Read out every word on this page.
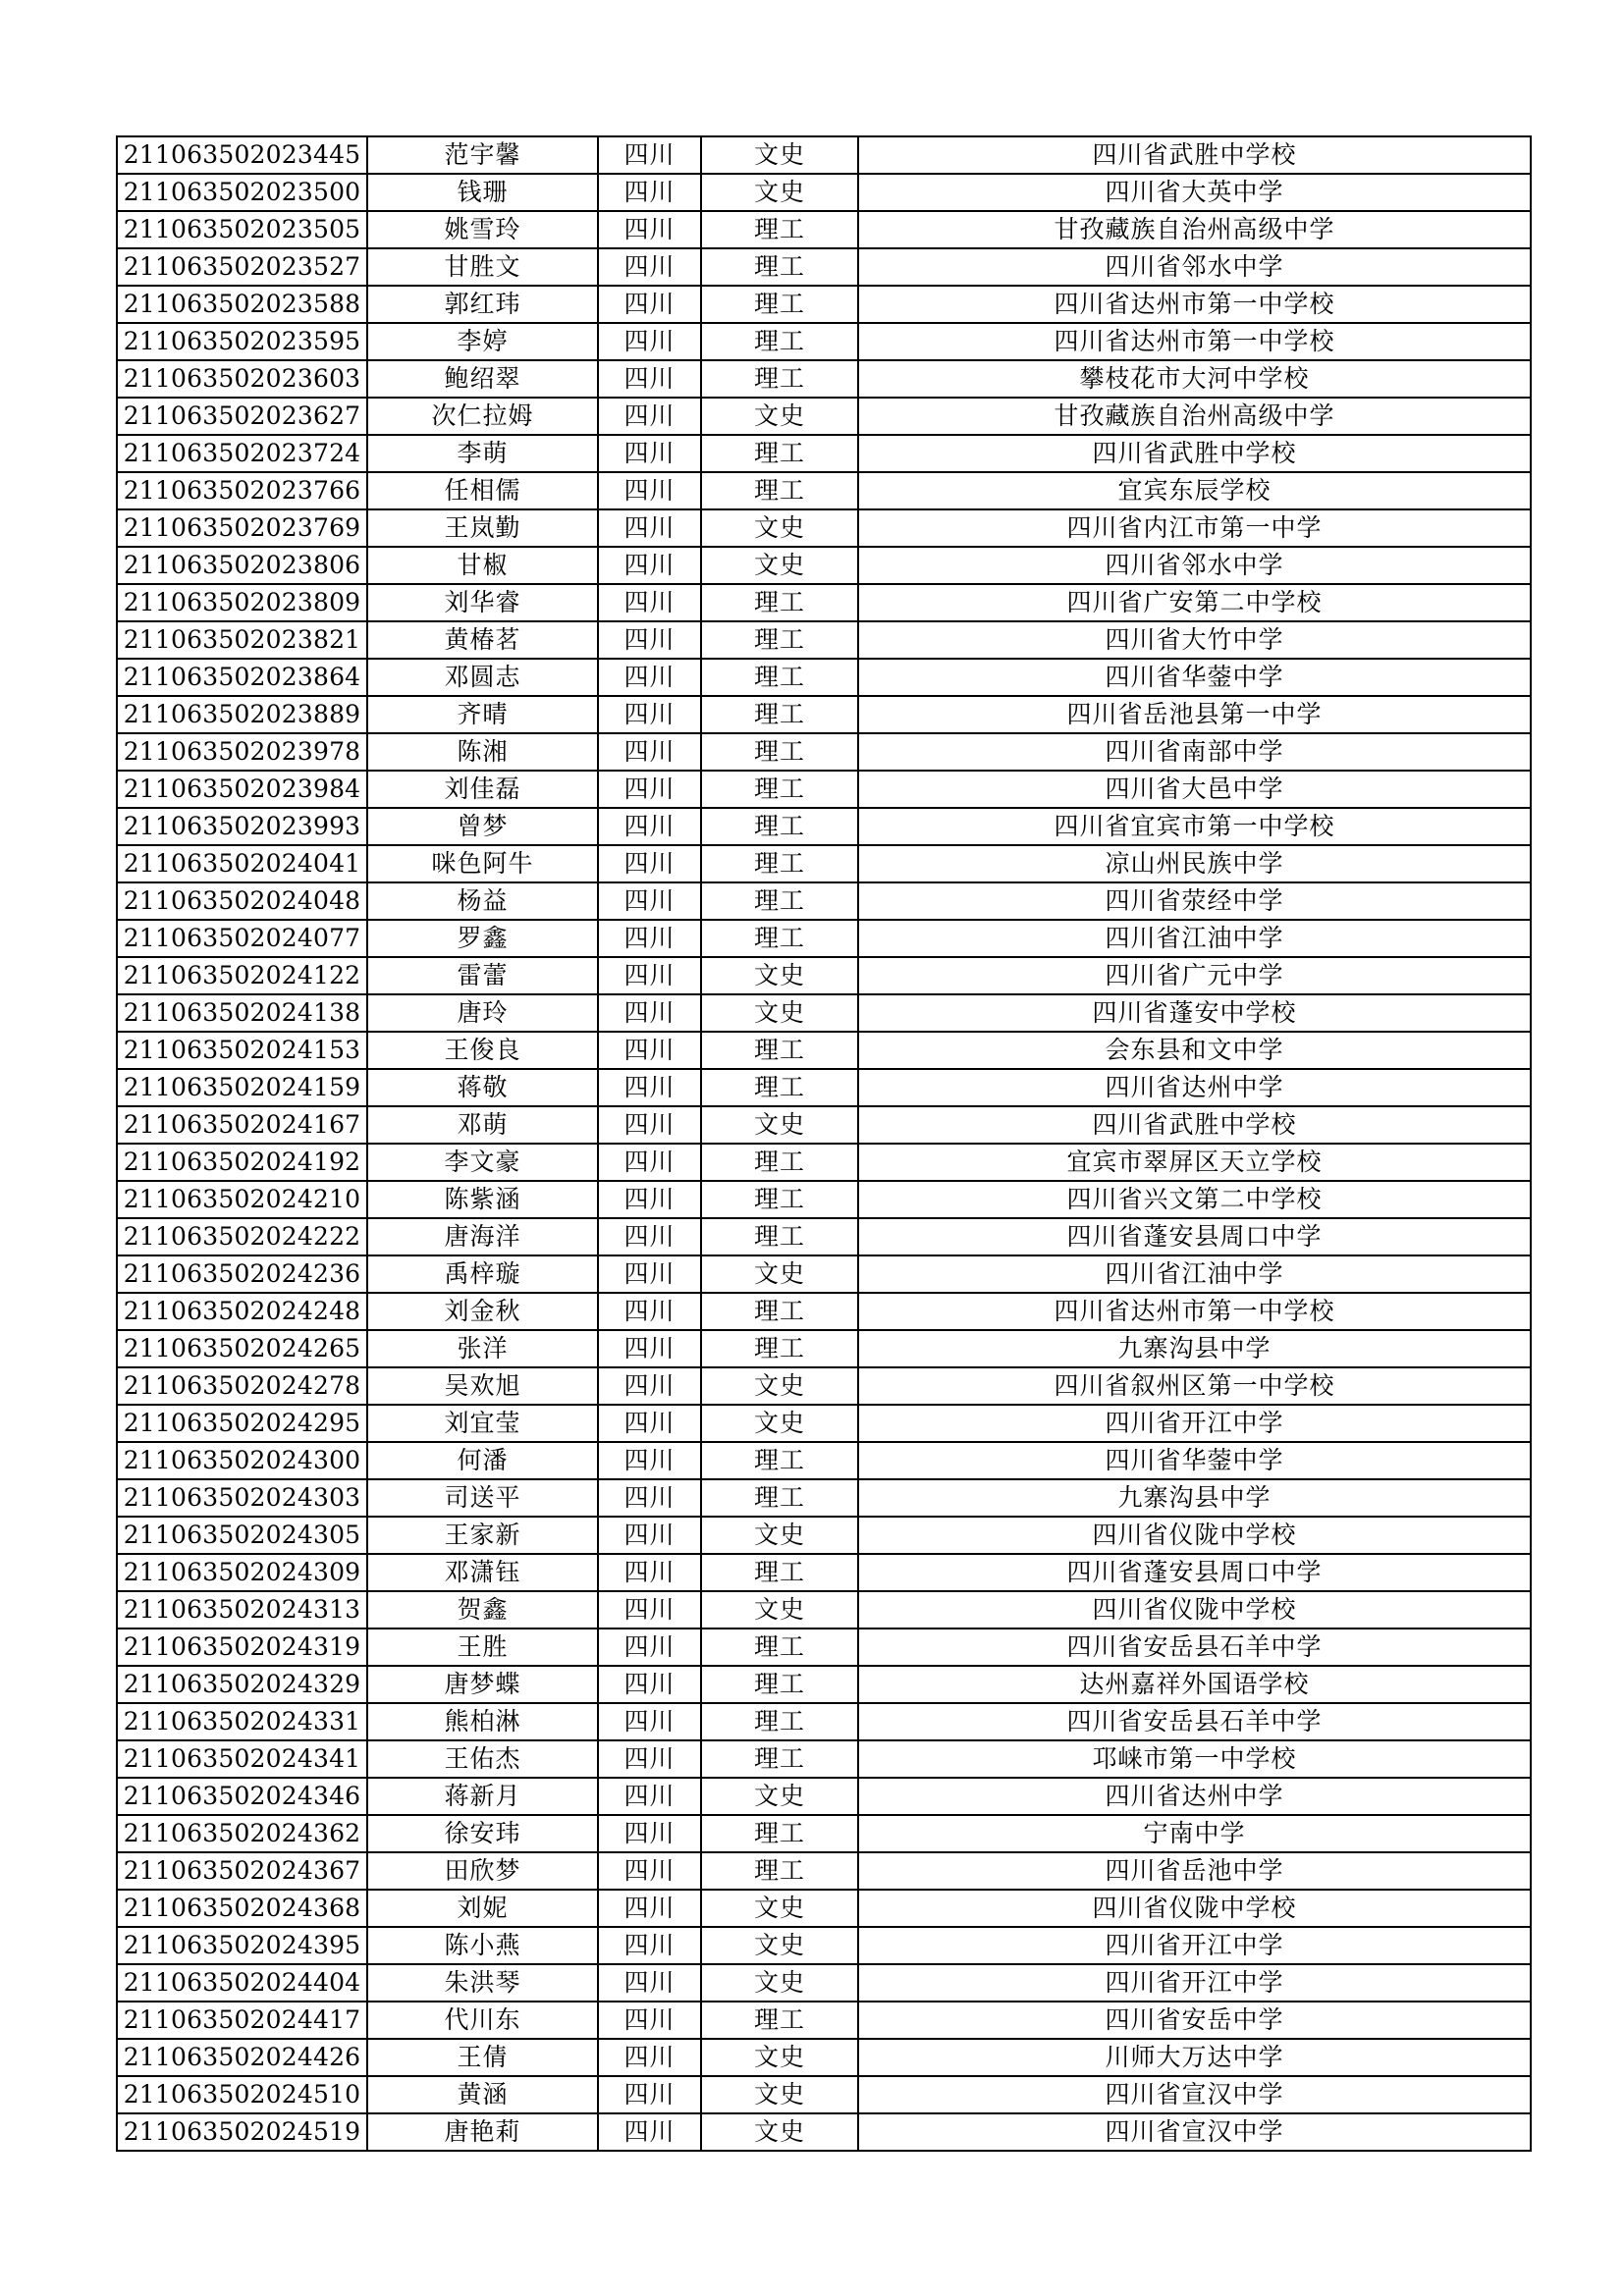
211063502023445	范宇馨	四川	文史	四川省武胜中学校
211063502023500	钱珊	四川	文史	四川省大英中学
211063502023505	姚雪玲	四川	理工	甘孜藏族自治州高级中学
211063502023527	甘胜文	四川	理工	四川省邻水中学
211063502023588	郭红玮	四川	理工	四川省达州市第一中学校
211063502023595	李婷	四川	理工	四川省达州市第一中学校
211063502023603	鲍绍翠	四川	理工	攀枝花市大河中学校
211063502023627	次仁拉姆	四川	文史	甘孜藏族自治州高级中学
211063502023724	李萌	四川	理工	四川省武胜中学校
211063502023766	任相儒	四川	理工	宜宾东辰学校
211063502023769	王岚勤	四川	文史	四川省内江市第一中学
211063502023806	甘椒	四川	文史	四川省邻水中学
211063502023809	刘华睿	四川	理工	四川省广安第二中学校
211063502023821	黄椿茗	四川	理工	四川省大竹中学
211063502023864	邓圆志	四川	理工	四川省华蓥中学
211063502023889	齐晴	四川	理工	四川省岳池县第一中学
211063502023978	陈湘	四川	理工	四川省南部中学
211063502023984	刘佳磊	四川	理工	四川省大邑中学
211063502023993	曾梦	四川	理工	四川省宜宾市第一中学校
211063502024041	咪色阿牛	四川	理工	凉山州民族中学
211063502024048	杨益	四川	理工	四川省荥经中学
211063502024077	罗鑫	四川	理工	四川省江油中学
211063502024122	雷蕾	四川	文史	四川省广元中学
211063502024138	唐玲	四川	文史	四川省蓬安中学校
211063502024153	王俊良	四川	理工	会东县和文中学
211063502024159	蒋敬	四川	理工	四川省达州中学
211063502024167	邓萌	四川	文史	四川省武胜中学校
211063502024192	李文豪	四川	理工	宜宾市翠屏区天立学校
211063502024210	陈紫涵	四川	理工	四川省兴文第二中学校
211063502024222	唐海洋	四川	理工	四川省蓬安县周口中学
211063502024236	禹梓璇	四川	文史	四川省江油中学
211063502024248	刘金秋	四川	理工	四川省达州市第一中学校
211063502024265	张洋	四川	理工	九寨沟县中学
211063502024278	吴欢旭	四川	文史	四川省叙州区第一中学校
211063502024295	刘宜莹	四川	文史	四川省开江中学
211063502024300	何潘	四川	理工	四川省华蓥中学
211063502024303	司送平	四川	理工	九寨沟县中学
211063502024305	王家新	四川	文史	四川省仪陇中学校
211063502024309	邓潇钰	四川	理工	四川省蓬安县周口中学
211063502024313	贺鑫	四川	文史	四川省仪陇中学校
211063502024319	王胜	四川	理工	四川省安岳县石羊中学
211063502024329	唐梦蝶	四川	理工	达州嘉祥外国语学校
211063502024331	熊柏淋	四川	理工	四川省安岳县石羊中学
211063502024341	王佑杰	四川	理工	邛崃市第一中学校
211063502024346	蒋新月	四川	文史	四川省达州中学
211063502024362	徐安玮	四川	理工	宁南中学
211063502024367	田欣梦	四川	理工	四川省岳池中学
211063502024368	刘妮	四川	文史	四川省仪陇中学校
211063502024395	陈小燕	四川	文史	四川省开江中学
211063502024404	朱洪琴	四川	文史	四川省开江中学
211063502024417	代川东	四川	理工	四川省安岳中学
211063502024426	王倩	四川	文史	川师大万达中学
211063502024510	黄涵	四川	文史	四川省宣汉中学
211063502024519	唐艳莉	四川	文史	四川省宣汉中学
